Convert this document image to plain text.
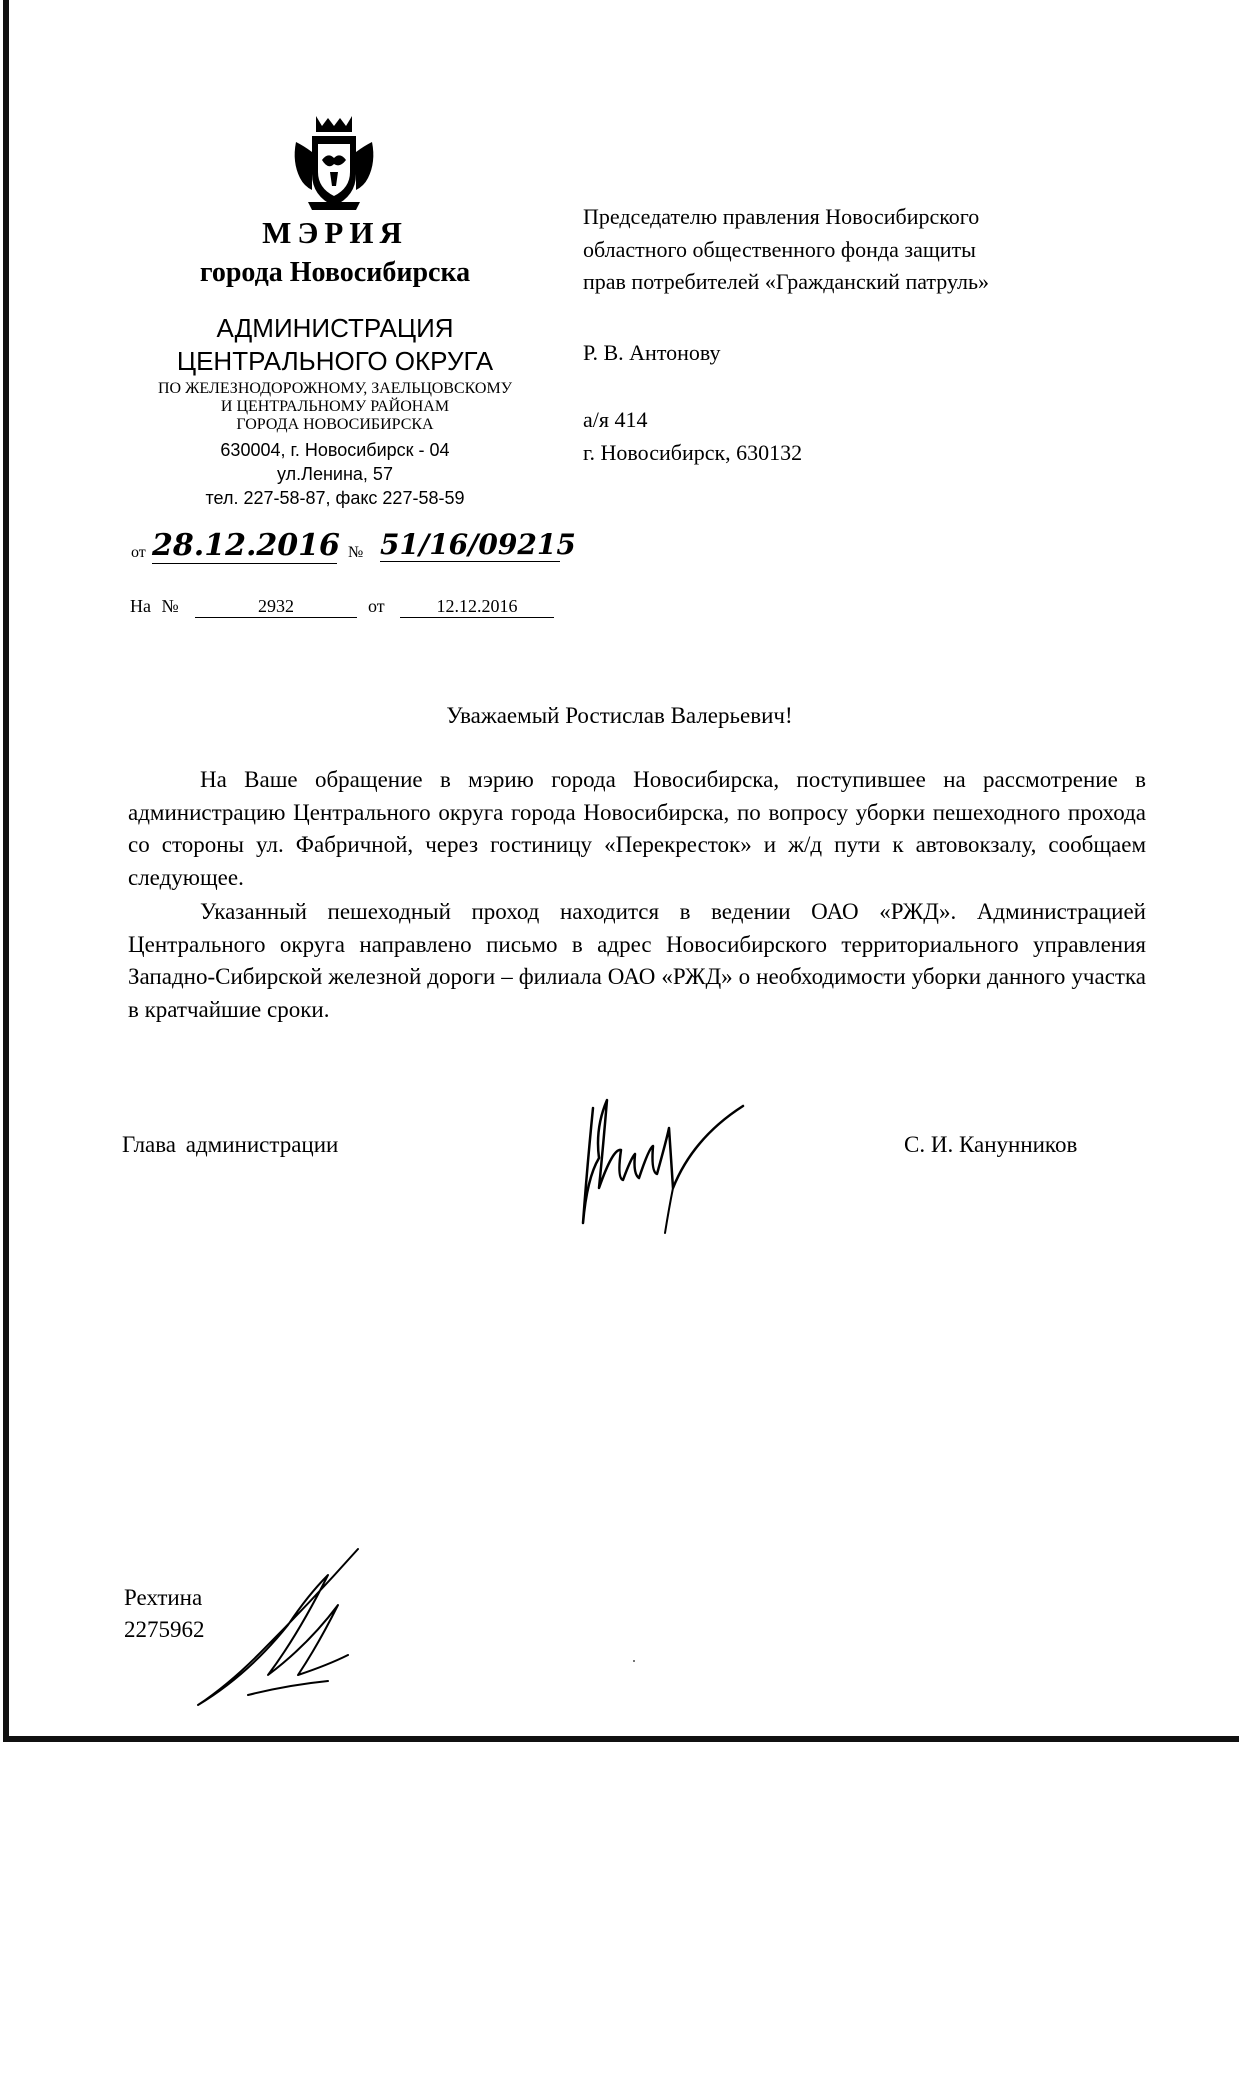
МЭРИЯ
города Новосибирска
АДМИНИСТРАЦИЯ
ЦЕНТРАЛЬНОГО ОКРУГА
ПО ЖЕЛЕЗНОДОРОЖНОМУ, ЗАЕЛЬЦОВСКОМУ
И ЦЕНТРАЛЬНОМУ РАЙОНАМ
ГОРОДА НОВОСИБИРСКА
630004, г. Новосибирск - 04
ул.Ленина, 57
тел. 227-58-87, факс 227-58-59
от 28.12.2016 № 51/16/09215
На №	2932	от	12.12.2016
Председателю правления Новосибирского
областного общественного фонда защиты
прав потребителей «Гражданский патруль»
Р. В. Антонову
а/я 414
г. Новосибирск, 630132
Уважаемый Ростислав Валерьевич!
На Ваше обращение в мэрию города Новосибирска, поступившее на рассмотрение в администрацию Центрального округа города Новосибирска, по вопросу уборки пешеходного прохода со стороны ул. Фабричной, через гостиницу «Перекресток» и ж/д пути к автовокзалу, сообщаем следующее.
Указанный пешеходный проход находится в ведении ОАО «РЖД». Администрацией Центрального округа направлено письмо в адрес Новосибирского территориального управления Западно-Сибирской железной дороги – филиала ОАО «РЖД» о необходимости уборки данного участка в кратчайшие сроки.
Глава администрации	С. И. Канунников
Рехтина
2275962
